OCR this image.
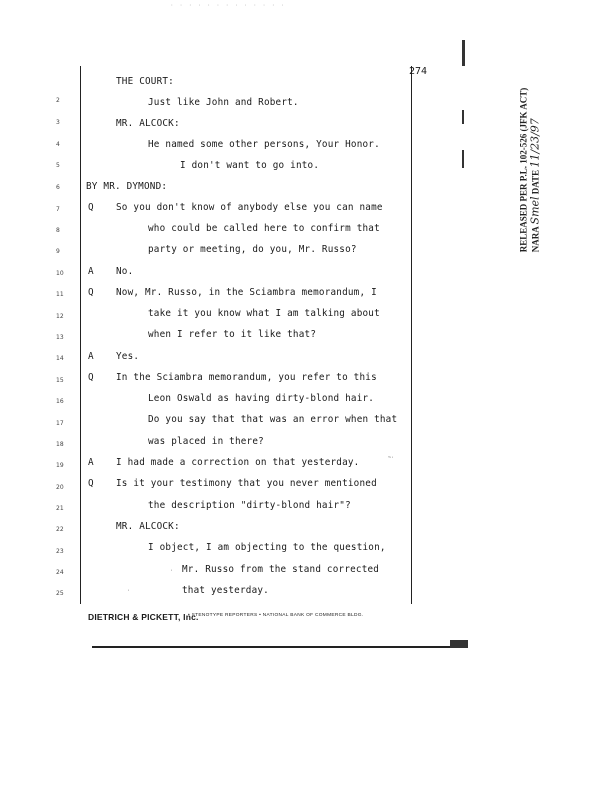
· · · · · · · · · · · · ·
274
THE COURT:
2	Just like John and Robert.
3	MR. ALCOCK:
4	He named some other persons, Your Honor.
5	I don't want to go into.
6	BY MR. DYMOND:
7	Q So you don't know of anybody else you can name
8	who could be called here to confirm that
9	party or meeting, do you, Mr. Russo?
10	A No.
11	Q Now, Mr. Russo, in the Sciambra memorandum, I
12	take it you know what I am talking about
13	when I refer to it like that?
14	A Yes.
15	Q In the Sciambra memorandum, you refer to this
16	Leon Oswald as having dirty-blond hair.
17	Do you say that that was an error when that
18	was placed in there?
19	A I had made a correction on that yesterday.
20	Q Is it your testimony that you never mentioned
21	the description "dirty-blond hair"?
22	MR. ALCOCK:
23	I object, I am objecting to the question,
24	Mr. Russo from the stand corrected
25	that yesterday.
~·
·
·
DIETRICH & PICKETT, Inc.
• STENOTYPE REPORTERS • NATIONAL BANK OF COMMERCE BLDG.
RELEASED PER P.L. 102-526 (JFK ACT) NARA Smel DATE 11/23/97
